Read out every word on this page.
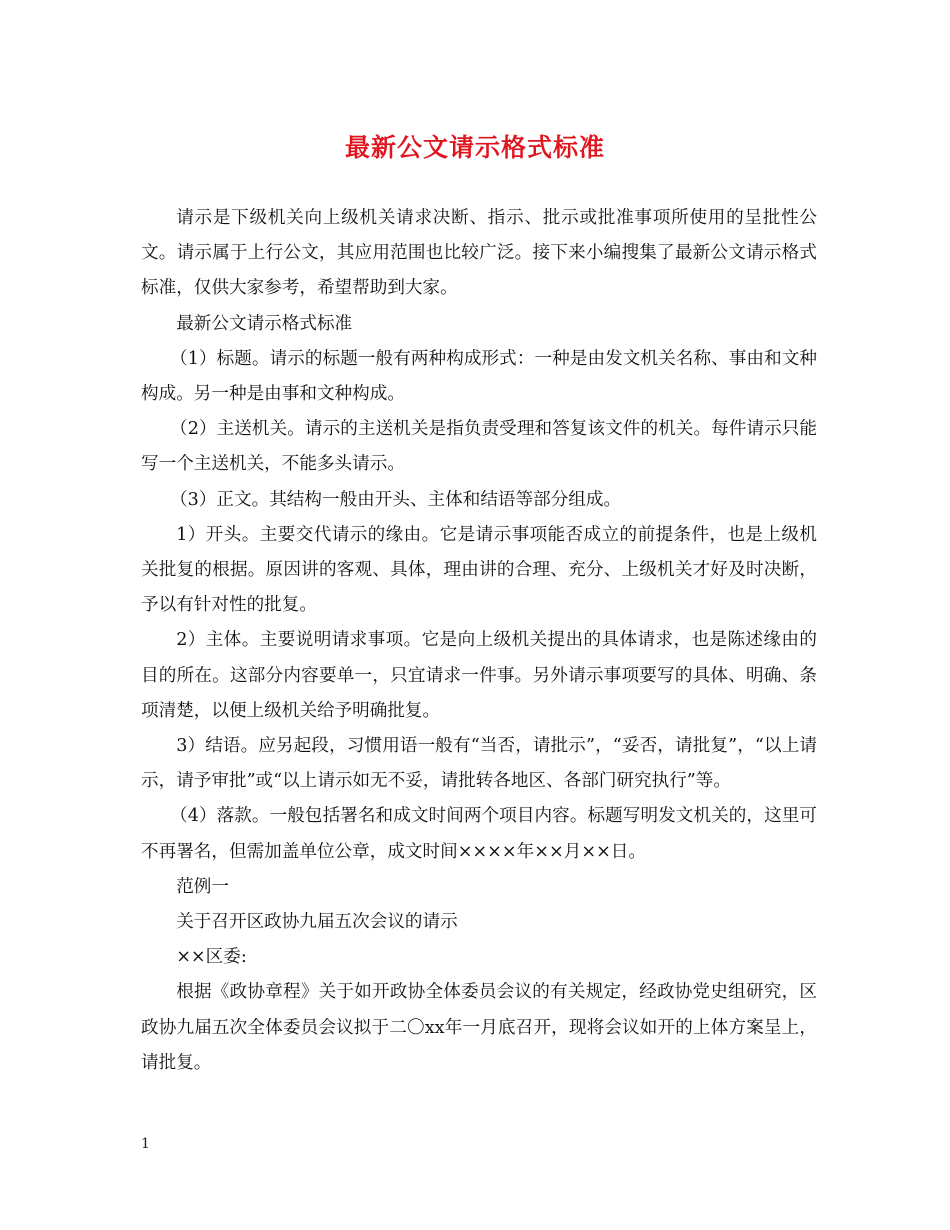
最新公文请示格式标准

请示是下级机关向上级机关请求决断、指示、批示或批准事项所使用的呈批性公文。请示属于上行公文，其应用范围也比较广泛。接下来小编搜集了最新公文请示格式标准，仅供大家参考，希望帮助到大家。

最新公文请示格式标准

（1）标题。请示的标题一般有两种构成形式：一种是由发文机关名称、事由和文种构成。另一种是由事和文种构成。

（2）主送机关。请示的主送机关是指负责受理和答复该文件的机关。每件请示只能写一个主送机关，不能多头请示。

（3）正文。其结构一般由开头、主体和结语等部分组成。

1）开头。主要交代请示的缘由。它是请示事项能否成立的前提条件，也是上级机关批复的根据。原因讲的客观、具体，理由讲的合理、充分、上级机关才好及时决断，予以有针对性的批复。

2）主体。主要说明请求事项。它是向上级机关提出的具体请求，也是陈述缘由的目的所在。这部分内容要单一，只宜请求一件事。另外请示事项要写的具体、明确、条项清楚，以便上级机关给予明确批复。

3）结语。应另起段，习惯用语一般有“当否，请批示”，“妥否，请批复”，“以上请示，请予审批”或“以上请示如无不妥，请批转各地区、各部门研究执行”等。

（4）落款。一般包括署名和成文时间两个项目内容。标题写明发文机关的，这里可不再署名，但需加盖单位公章，成文时间××××年××月××日。

范例一

关于召开区政协九届五次会议的请示

××区委:

根据《政协章程》关于如开政协全体委员会议的有关规定，经政协党史组研究，区政协九届五次全体委员会议拟于二〇xx年一月底召开，现将会议如开的上体方案呈上，请批复。

1
